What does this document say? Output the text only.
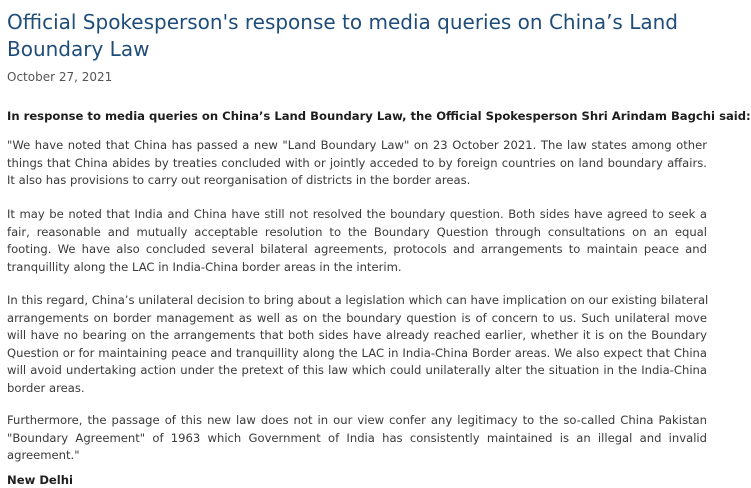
Official Spokesperson's response to media queries on China’s Land
Boundary Law
October 27, 2021
In response to media queries on China’s Land Boundary Law, the Official Spokesperson Shri Arindam Bagchi said:
"We have noted that China has passed a new "Land Boundary Law" on 23 October 2021. The law states among other
things that China abides by treaties concluded with or jointly acceded to by foreign countries on land boundary affairs.
It also has provisions to carry out reorganisation of districts in the border areas.
It may be noted that India and China have still not resolved the boundary question. Both sides have agreed to seek a
fair, reasonable and mutually acceptable resolution to the Boundary Question through consultations on an equal
footing. We have also concluded several bilateral agreements, protocols and arrangements to maintain peace and
tranquillity along the LAC in India-China border areas in the interim.
In this regard, China’s unilateral decision to bring about a legislation which can have implication on our existing bilateral
arrangements on border management as well as on the boundary question is of concern to us. Such unilateral move
will have no bearing on the arrangements that both sides have already reached earlier, whether it is on the Boundary
Question or for maintaining peace and tranquillity along the LAC in India-China Border areas. We also expect that China
will avoid undertaking action under the pretext of this law which could unilaterally alter the situation in the India-China
border areas.
Furthermore, the passage of this new law does not in our view confer any legitimacy to the so-called China Pakistan
"Boundary Agreement" of 1963 which Government of India has consistently maintained is an illegal and invalid
agreement."
New Delhi
